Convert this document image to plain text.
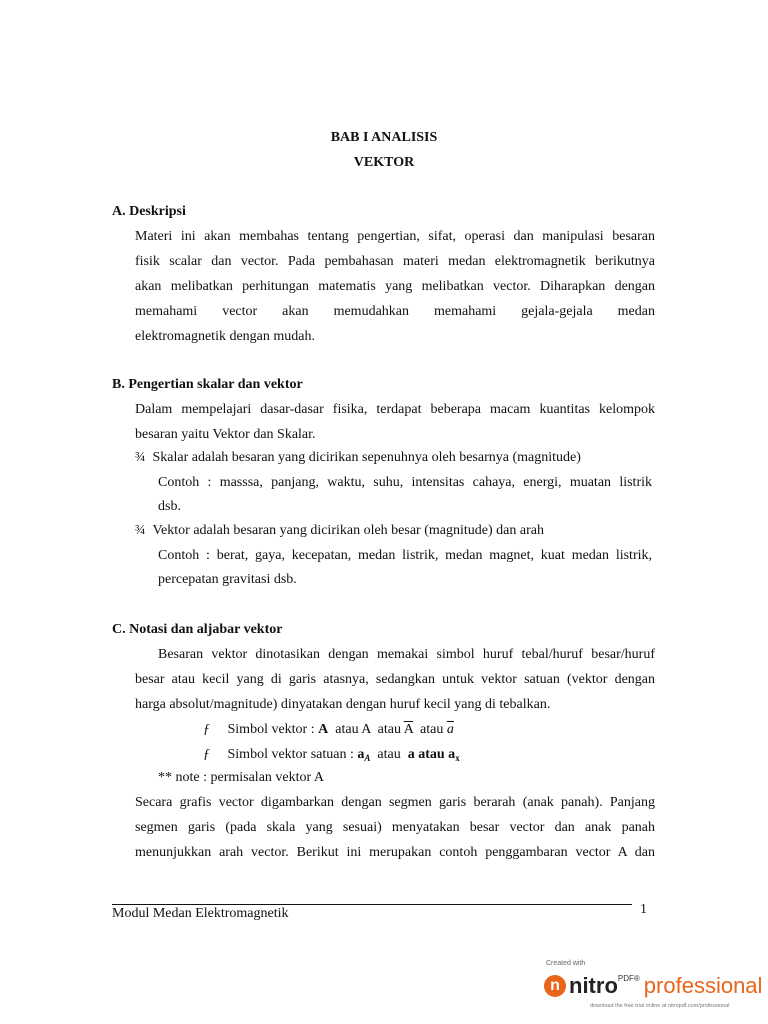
BAB I ANALISIS
VEKTOR
A. Deskripsi
Materi ini akan membahas tentang pengertian, sifat, operasi dan manipulasi besaran
fisik scalar dan vector. Pada pembahasan materi medan elektromagnetik berikutnya
akan melibatkan perhitungan matematis yang melibatkan vector. Diharapkan dengan
memahami vector akan memudahkan memahami gejala-gejala medan
elektromagnetik dengan mudah.
B. Pengertian skalar dan vektor
Dalam mempelajari dasar-dasar fisika, terdapat beberapa macam kuantitas kelompok
besaran yaitu Vektor dan Skalar.
¾ Skalar adalah besaran yang dicirikan sepenuhnya oleh besarnya (magnitude)
Contoh : masssa, panjang, waktu, suhu, intensitas cahaya, energi, muatan listrik
dsb.
¾ Vektor adalah besaran yang dicirikan oleh besar (magnitude) dan arah
Contoh : berat, gaya, kecepatan, medan listrik, medan magnet, kuat medan listrik,
percepatan gravitasi dsb.
C. Notasi dan aljabar vektor
Besaran vektor dinotasikan dengan memakai simbol huruf tebal/huruf besar/huruf
besar atau kecil yang di garis atasnya, sedangkan untuk vektor satuan (vektor dengan
harga absolut/magnitude) dinyatakan dengan huruf kecil yang di tebalkan.
ƒ Simbol vektor : A  atau A  atau $\overline{A}$  atau $\overline{a}$
ƒ Simbol vektor satuan : $a_A$  atau  a atau $a_x$
** note : permisalan vektor A
Secara grafis vector digambarkan dengan segmen garis berarah (anak panah). Panjang
segmen garis (pada skala yang sesuai) menyatakan besar vector dan anak panah
menunjukkan arah vector. Berikut ini merupakan contoh penggambaran vector A dan
Modul Medan Elektromagnetik	1
Created with
n nitro PDF® professional
download the free trial online at nitropdf.com/professional
